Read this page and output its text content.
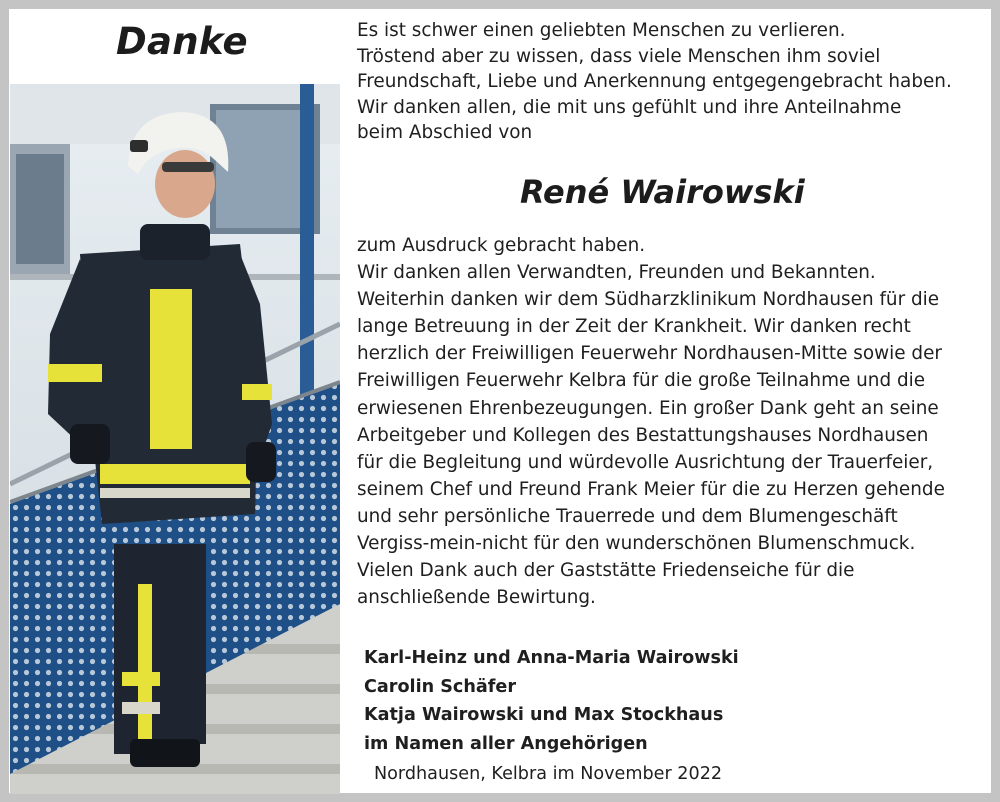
Danke	Es ist schwer einen geliebten Menschen zu verlieren.
Tröstend aber zu wissen, dass viele Menschen ihm soviel
Freundschaft, Liebe und Anerkennung entgegengebracht haben.
Wir danken allen, die mit uns gefühlt und ihre Anteilnahme
beim Abschied von
René Wairowski
zum Ausdruck gebracht haben.
Wir danken allen Verwandten, Freunden und Bekannten.
Weiterhin danken wir dem Südharzklinikum Nordhausen für die
lange Betreuung in der Zeit der Krankheit. Wir danken recht
herzlich der Freiwilligen Feuerwehr Nordhausen-Mitte sowie der
Freiwilligen Feuerwehr Kelbra für die große Teilnahme und die
erwiesenen Ehrenbezeugungen. Ein großer Dank geht an seine
Arbeitgeber und Kollegen des Bestattungshauses Nordhausen
für die Begleitung und würdevolle Ausrichtung der Trauerfeier,
seinem Chef und Freund Frank Meier für die zu Herzen gehende
und sehr persönliche Trauerrede und dem Blumengeschäft
Vergiss-mein-nicht für den wunderschönen Blumenschmuck.
Vielen Dank auch der Gaststätte Friedenseiche für die
anschließende Bewirtung.
Karl-Heinz und Anna-Maria Wairowski
Carolin Schäfer
Katja Wairowski und Max Stockhaus
im Namen aller Angehörigen
Nordhausen, Kelbra im November 2022
